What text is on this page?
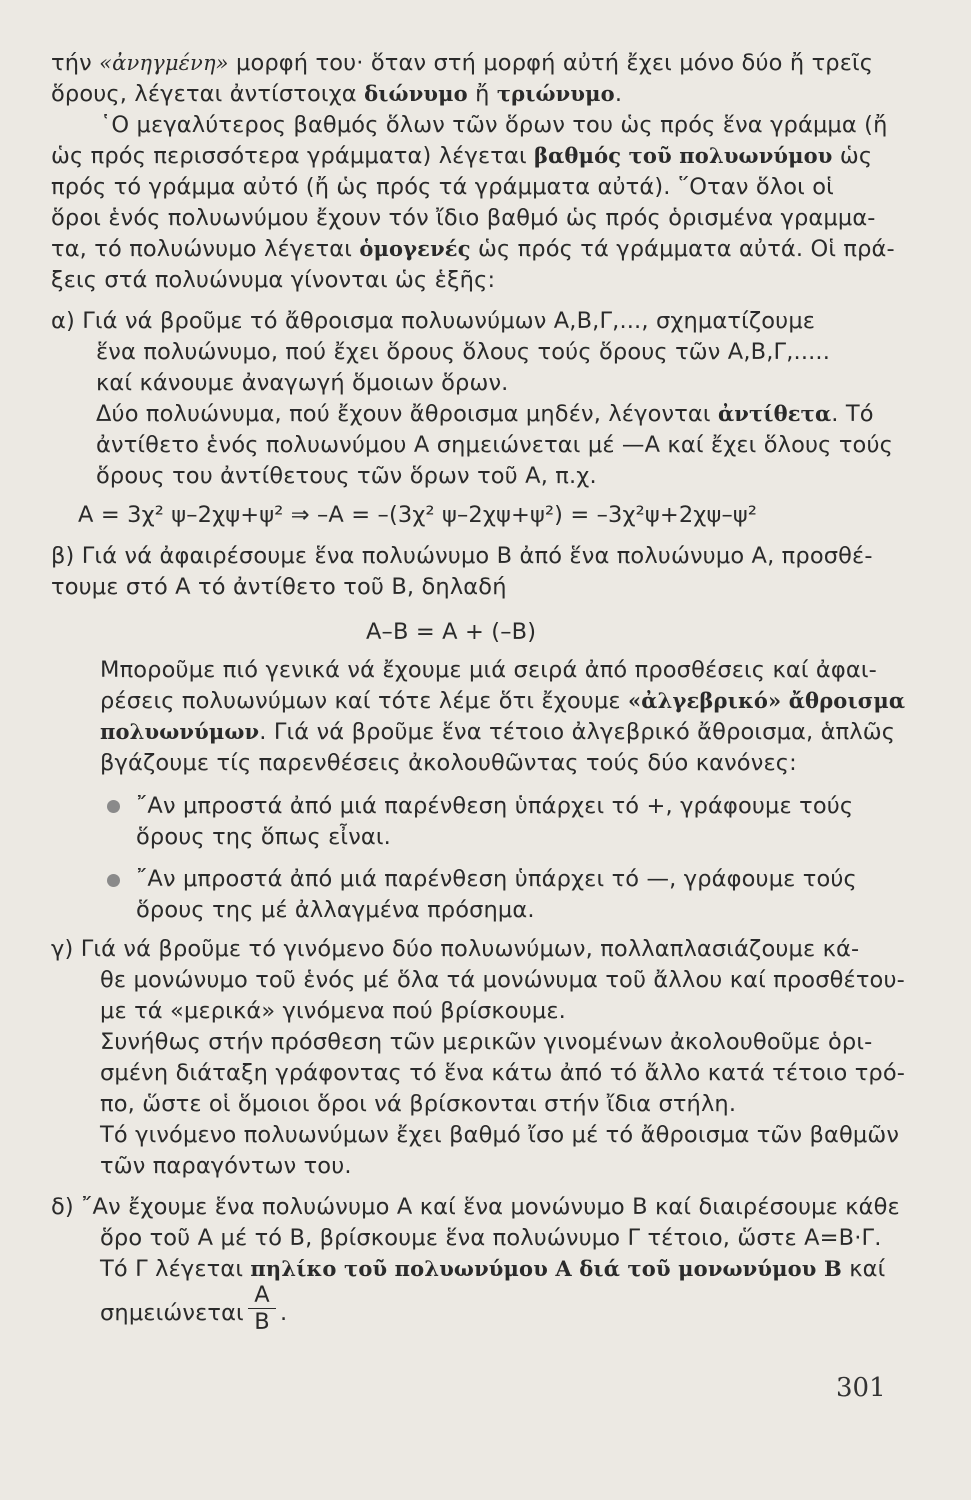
τήν «ἀνηγμένη» μορφή του· ὅταν στή μορφή αὐτή ἔχει μόνο δύο ἤ τρεῖς
ὅρους, λέγεται ἀντίστοιχα διώνυμο ἤ τριώνυμο.
῾Ο μεγαλύτερος βαθμός ὅλων τῶν ὅρων του ὡς πρός ἕνα γράμμα (ἤ
ὡς πρός περισσότερα γράμματα) λέγεται βαθμός τοῦ πολυωνύμου ὡς
πρός τό γράμμα αὐτό (ἤ ὡς πρός τά γράμματα αὐτά). ῞Οταν ὅλοι οἱ
ὅροι ἑνός πολυωνύμου ἔχουν τόν ἴδιο βαθμό ὡς πρός ὁρισμένα γραμμα-
τα, τό πολυώνυμο λέγεται ὁμογενές ὡς πρός τά γράμματα αὐτά. Οἱ πρά-
ξεις στά πολυώνυμα γίνονται ὡς ἑξῆς:
α) Γιά νά βροῦμε τό ἄθροισμα πολυωνύμων Α,Β,Γ,..., σχηματίζουμε
ἕνα πολυώνυμο, πού ἔχει ὅρους ὅλους τούς ὅρους τῶν Α,Β,Γ,.....
καί κάνουμε ἀναγωγή ὅμοιων ὅρων.
Δύο πολυώνυμα, πού ἔχουν ἄθροισμα μηδέν, λέγονται ἀντίθετα. Τό
ἀντίθετο ἑνός πολυωνύμου Α σημειώνεται μέ —Α καί ἔχει ὅλους τούς
ὅρους του ἀντίθετους τῶν ὅρων τοῦ Α, π.χ.
Α = 3χ² ψ–2χψ+ψ² ⇒ –Α = –(3χ² ψ–2χψ+ψ²) = –3χ²ψ+2χψ–ψ²
β) Γιά νά ἀφαιρέσουμε ἕνα πολυώνυμο Β ἀπό ἕνα πολυώνυμο Α, προσθέ-
τουμε στό Α τό ἀντίθετο τοῦ Β, δηλαδή
Α–Β = Α + (–Β)
Μποροῦμε πιό γενικά νά ἔχουμε μιά σειρά ἀπό προσθέσεις καί ἀφαι-
ρέσεις πολυωνύμων καί τότε λέμε ὅτι ἔχουμε «ἀλγεβρικό» ἄθροισμα
πολυωνύμων. Γιά νά βροῦμε ἕνα τέτοιο ἀλγεβρικό ἄθροισμα, ἁπλῶς
βγάζουμε τίς παρενθέσεις ἀκολουθῶντας τούς δύο κανόνες:
῎Αν μπροστά ἀπό μιά παρένθεση ὑπάρχει τό +, γράφουμε τούς
ὅρους της ὅπως εἶναι.
῎Αν μπροστά ἀπό μιά παρένθεση ὑπάρχει τό —, γράφουμε τούς
ὅρους της μέ ἀλλαγμένα πρόσημα.
γ) Γιά νά βροῦμε τό γινόμενο δύο πολυωνύμων, πολλαπλασιάζουμε κά-
θε μονώνυμο τοῦ ἑνός μέ ὅλα τά μονώνυμα τοῦ ἄλλου καί προσθέτου-
με τά «μερικά» γινόμενα πού βρίσκουμε.
Συνήθως στήν πρόσθεση τῶν μερικῶν γινομένων ἀκολουθοῦμε ὁρι-
σμένη διάταξη γράφοντας τό ἕνα κάτω ἀπό τό ἄλλο κατά τέτοιο τρό-
πο, ὥστε οἱ ὅμοιοι ὅροι νά βρίσκονται στήν ἴδια στήλη.
Τό γινόμενο πολυωνύμων ἔχει βαθμό ἴσο μέ τό ἄθροισμα τῶν βαθμῶν
τῶν παραγόντων του.
δ) ῎Αν ἔχουμε ἕνα πολυώνυμο Α καί ἕνα μονώνυμο Β καί διαιρέσουμε κάθε
ὅρο τοῦ Α μέ τό Β, βρίσκουμε ἕνα πολυώνυμο Γ τέτοιο, ὥστε Α=Β·Γ.
Τό Γ λέγεται πηλίκο τοῦ πολυωνύμου Α διά τοῦ μονωνύμου Β καί
σημειώνεται
Α
Β .
301
